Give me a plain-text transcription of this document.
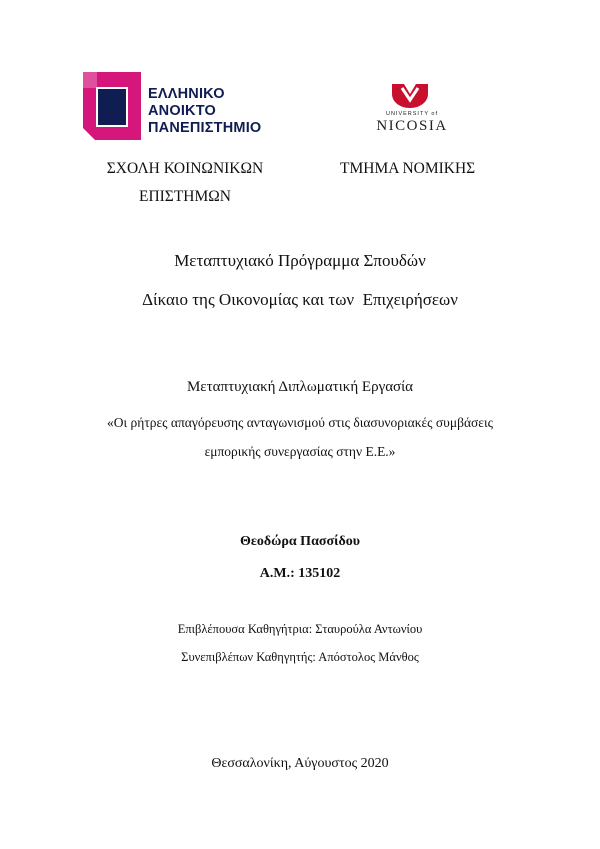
ΕΛΛΗΝΙΚΟ
ΑΝΟΙΚΤΟ
ΠΑΝΕΠΙΣΤΗΜΙΟ
UNIVERSITY of
NICOSIA
ΣΧΟΛΗ ΚΟΙΝΩΝΙΚΩΝ
ΕΠΙΣΤΗΜΩΝ
ΤΜΗΜΑ ΝΟΜΙΚΗΣ
Μεταπτυχιακό Πρόγραμμα Σπουδών
Δίκαιο της Οικονομίας και των  Επιχειρήσεων
Μεταπτυχιακή Διπλωματική Εργασία
«Οι ρήτρες απαγόρευσης ανταγωνισμού στις διασυνοριακές συμβάσεις
εμπορικής συνεργασίας στην Ε.Ε.»
Θεοδώρα Πασσίδου
Α.Μ.: 135102
Επιβλέπουσα Καθηγήτρια: Σταυρούλα Αντωνίου
Συνεπιβλέπων Καθηγητής: Απόστολος Μάνθος
Θεσσαλονίκη, Αύγουστος 2020
